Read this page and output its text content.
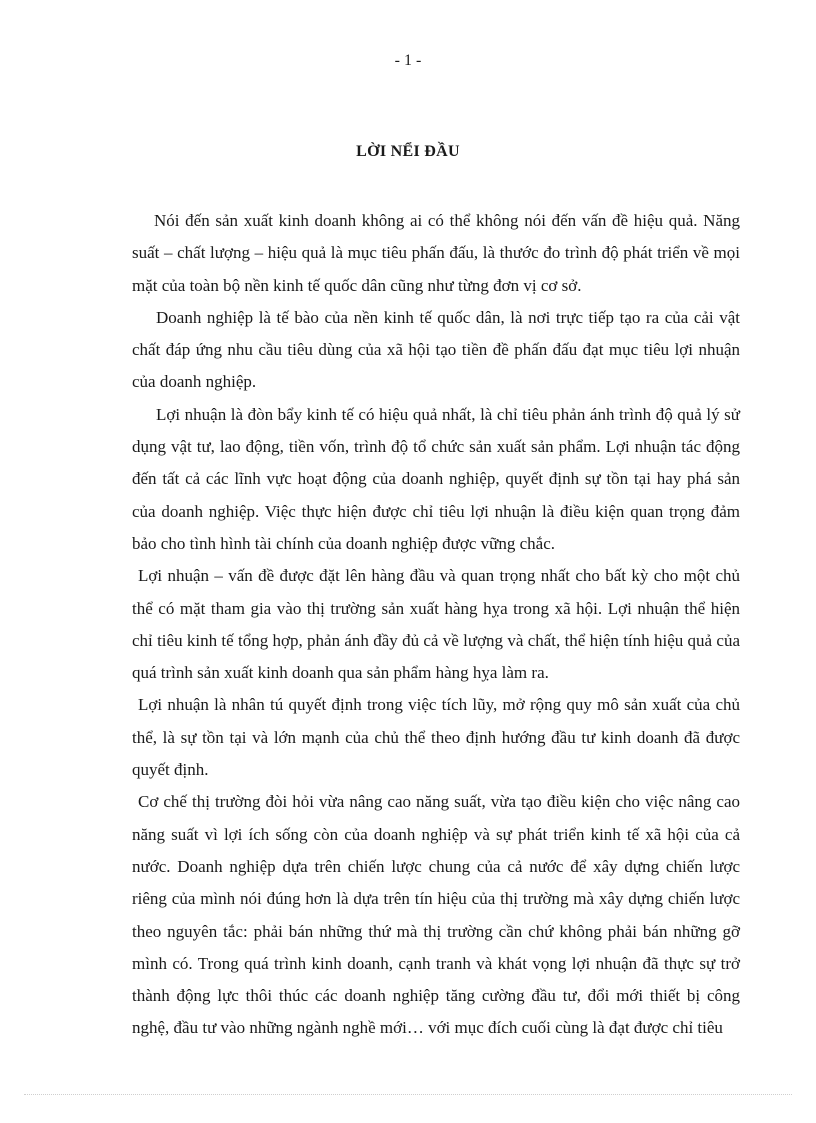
- 1 -
LỜI NỂI ĐẦU

Nói đến sản xuất kinh doanh không ai có thể không nói đến vấn đề hiệu quả. Năng suất – chất lượng – hiệu quả là mục tiêu phấn đấu, là thước đo trình độ phát triển về mọi mặt của toàn bộ nền kinh tế quốc dân cũng như từng đơn vị cơ sở.

Doanh nghiệp là tế bào của nền kinh tế quốc dân, là nơi trực tiếp tạo ra của cải vật chất đáp ứng nhu cầu tiêu dùng của xã hội tạo tiền đề phấn đấu đạt mục tiêu lợi nhuận của doanh nghiệp.

Lợi nhuận là đòn bẩy kinh tế có hiệu quả nhất, là chỉ tiêu phản ánh trình độ quả lý sử dụng vật tư, lao động, tiền vốn, trình độ tổ chức sản xuất sản phẩm. Lợi nhuận tác động đến tất cả các lĩnh vực hoạt động của doanh nghiệp, quyết định sự tồn tại hay phá sản của doanh nghiệp. Việc thực hiện được chỉ tiêu lợi nhuận là điều kiện quan trọng đảm bảo cho tình hình tài chính của doanh nghiệp được vững chắc.

Lợi nhuận – vấn đề được đặt lên hàng đầu và quan trọng nhất cho bất kỳ cho một chủ thể có mặt tham gia vào thị trường sản xuất hàng hỵa trong xã hội. Lợi nhuận thể hiện chỉ tiêu kinh tế tổng hợp, phản ánh đầy đủ cả về lượng và chất, thể hiện tính hiệu quả của quá trình sản xuất kinh doanh qua sản phẩm hàng hỵa làm ra.

Lợi nhuận là nhân tú quyết định trong việc tích lũy, mở rộng quy mô sản xuất của chủ thể, là sự tồn tại và lớn mạnh của chủ thể theo định hướng đầu tư kinh doanh đã được quyết định.

Cơ chế thị trường đòi hỏi vừa nâng cao năng suất, vừa tạo điều kiện cho việc nâng cao năng suất vì lợi ích sống còn của doanh nghiệp và sự phát triển kinh tế xã hội của cả nước. Doanh nghiệp dựa trên chiến lược chung của cả nước để xây dựng chiến lược riêng của mình nói đúng hơn là dựa trên tín hiệu của thị trường mà xây dựng chiến lược theo nguyên tắc: phải bán những thứ mà thị trường cần chứ không phải bán những gỡ mình có. Trong quá trình kinh doanh, cạnh tranh và khát vọng lợi nhuận đã thực sự trở thành động lực thôi thúc các doanh nghiệp tăng cường đầu tư, đổi mới thiết bị công nghệ, đầu tư vào những ngành nghề mới… với mục đích cuối cùng là đạt được chỉ tiêu
